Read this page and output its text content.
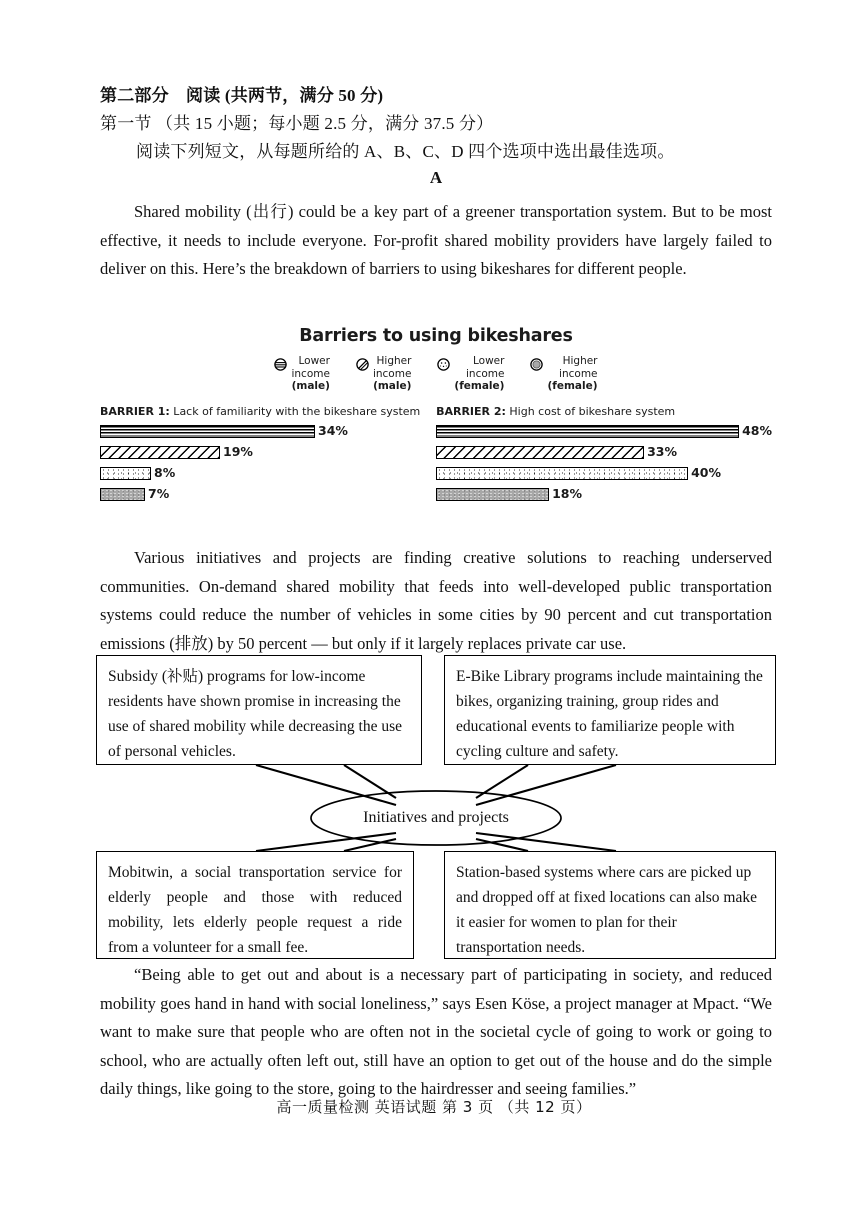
第二部分　阅读 (共两节，满分 50 分)
第一节 （共 15 小题；每小题 2.5 分，满分 37.5 分）
阅读下列短文，从每题所给的 A、B、C、D 四个选项中选出最佳选项。
A
Shared mobility (出行) could be a key part of a greener transportation system. But to be most effective, it needs to include everyone. For-profit shared mobility providers have largely failed to deliver on this. Here’s the breakdown of barriers to using bikeshares for different people.
Barriers to using bikeshares
Lower
income
(male)
Higher
income
(male)
Lower
income
(female)
Higher
income
(female)
BARRIER 1: Lack of familiarity with the bikeshare system
34%
19%
8%
7%
BARRIER 2: High cost of bikeshare system
48%
33%
40%
18%
Various initiatives and projects are finding creative solutions to reaching underserved communities. On-demand shared mobility that feeds into well-developed public transportation systems could reduce the number of vehicles in some cities by 90 percent and cut transportation emissions (排放) by 50 percent — but only if it largely replaces private car use.
Subsidy (补贴) programs for low-income residents have shown promise in increasing the use of shared mobility while decreasing the use of personal vehicles.
E-Bike Library programs include maintaining the bikes, organizing training, group rides and educational events to familiarize people with cycling culture and safety.
Mobitwin, a social transportation service for elderly people and those with reduced mobility, lets elderly people request a ride from a volunteer for a small fee.
Station-based systems where cars are picked up and dropped off at fixed locations can also make it easier for women to plan for their transportation needs.
Initiatives and projects
“Being able to get out and about is a necessary part of participating in society, and reduced mobility goes hand in hand with social loneliness,” says Esen Köse, a project manager at Mpact. “We want to make sure that people who are often not in the societal cycle of going to work or going to school, who are actually often left out, still have an option to get out of the house and do the simple daily things, like going to the store, going to the hairdresser and seeing families.”
高一质量检测 英语试题 第 3 页 （共 12 页）
